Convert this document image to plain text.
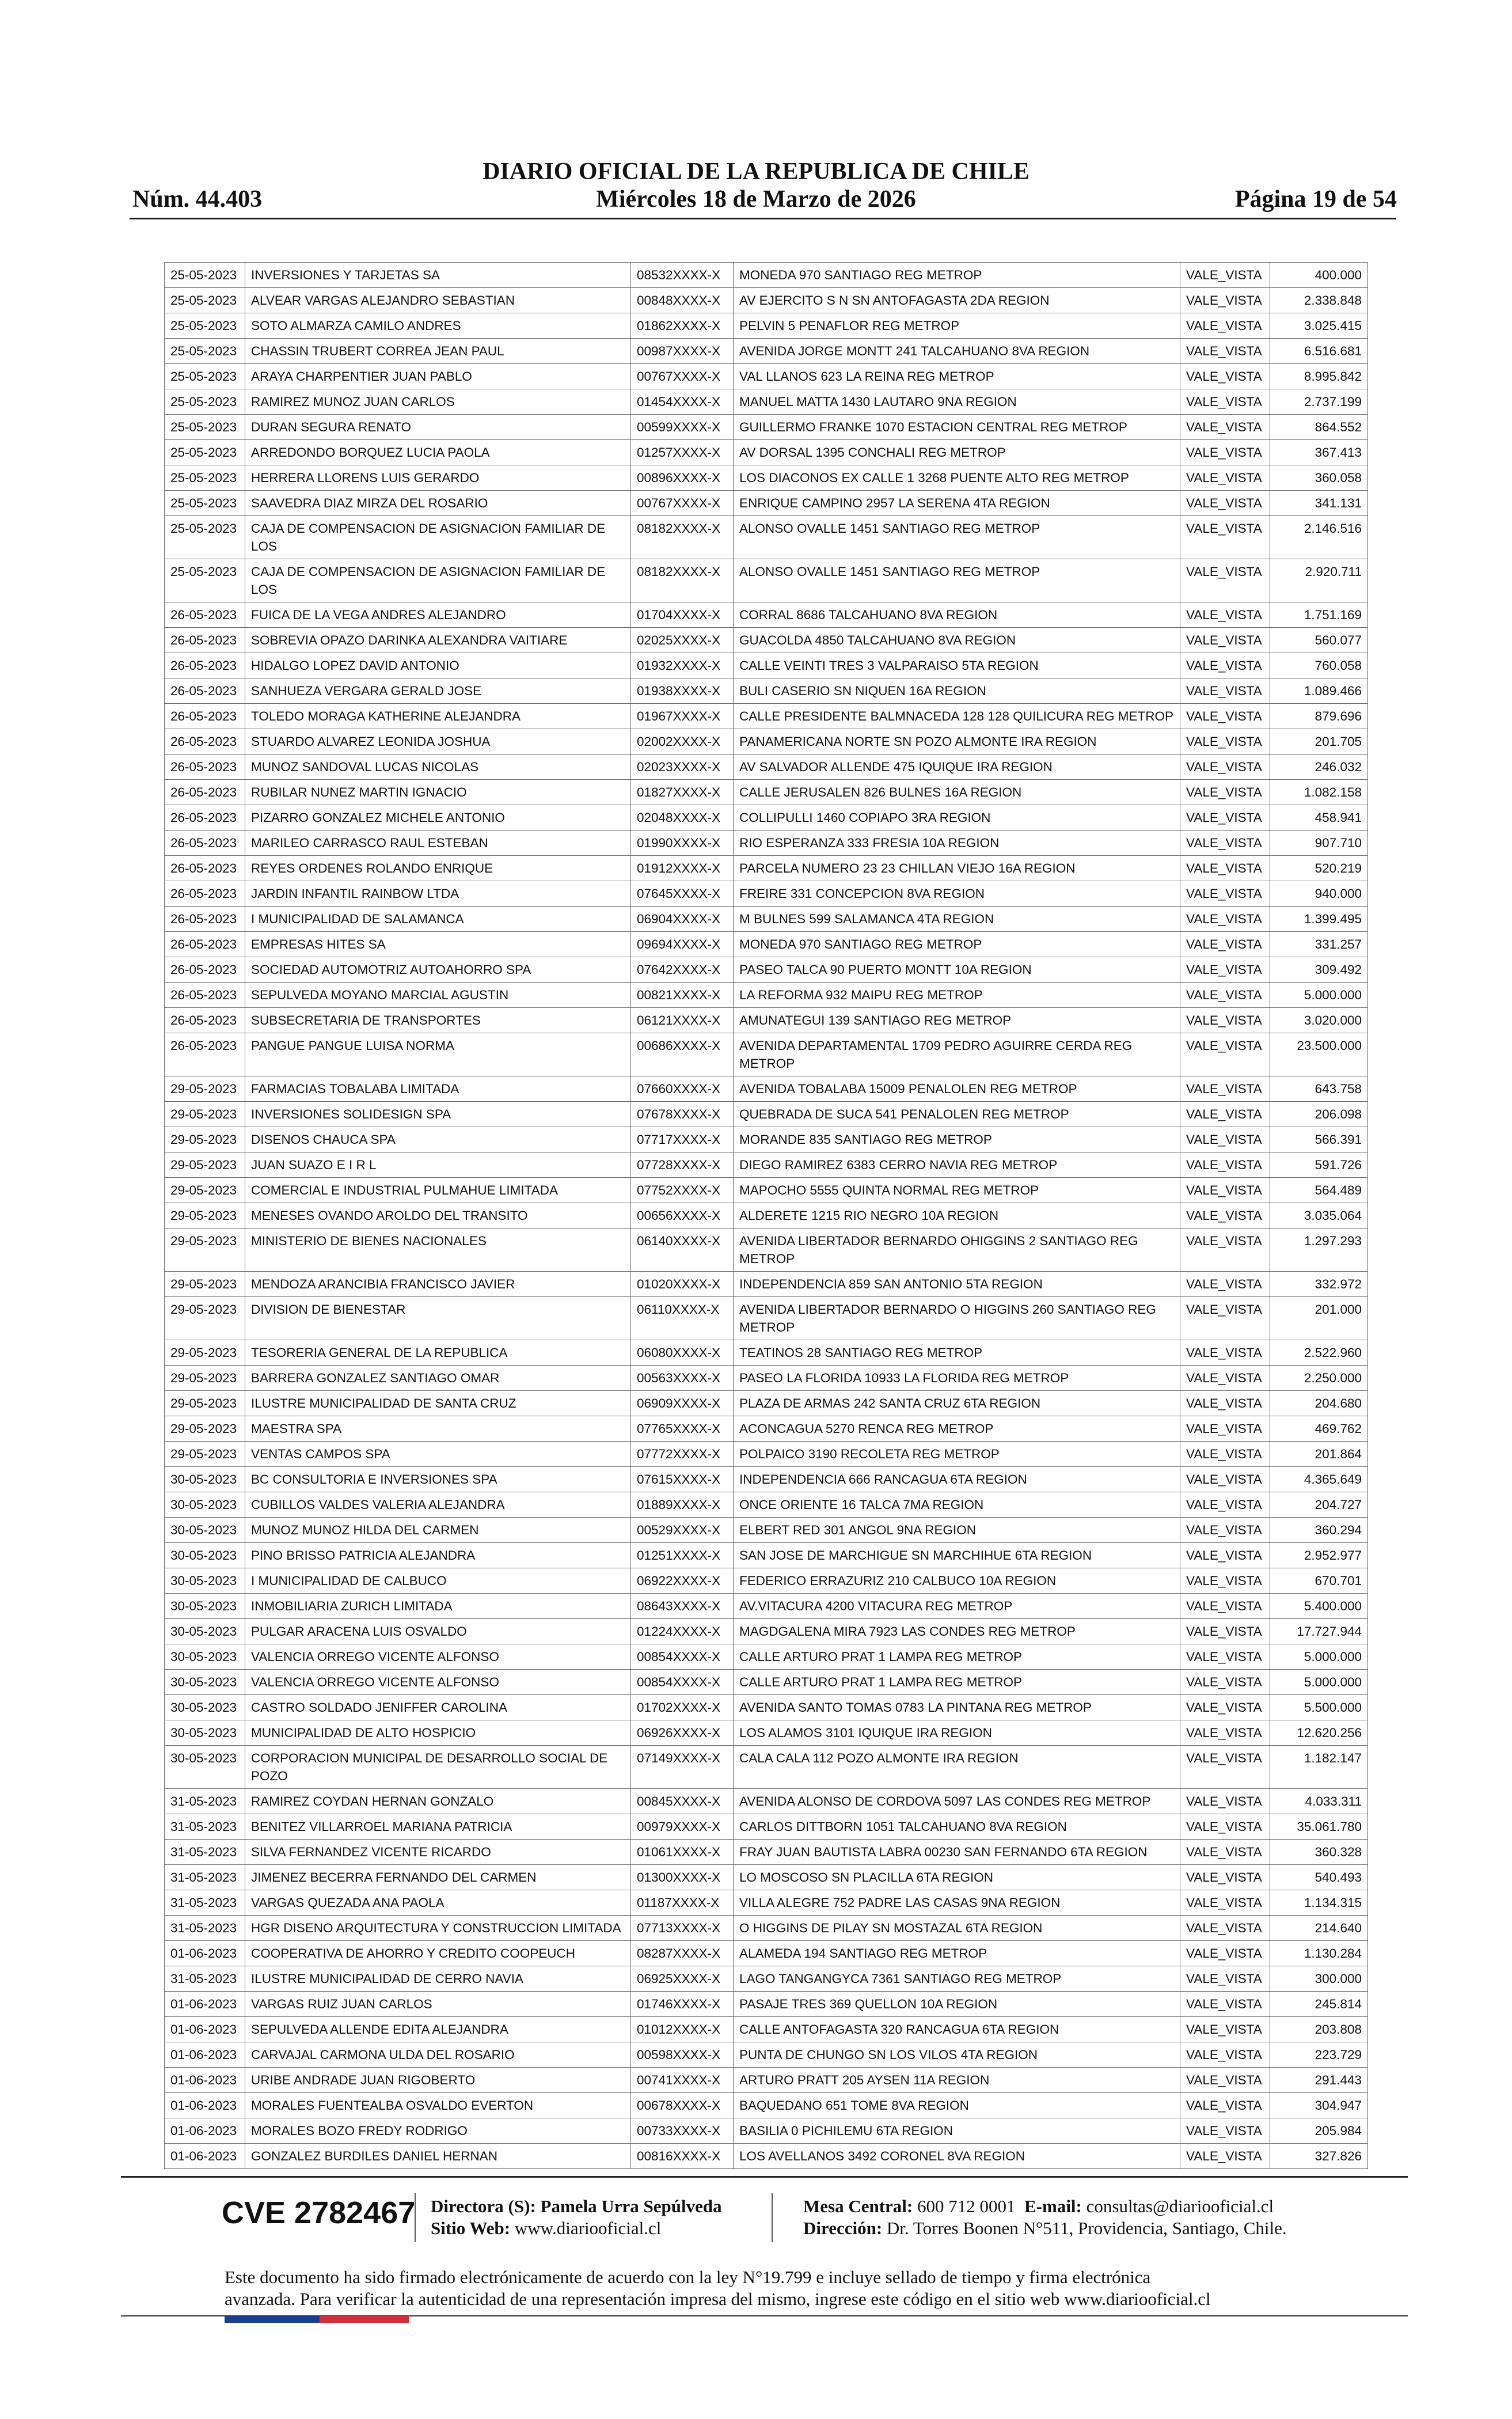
DIARIO OFICIAL DE LA REPUBLICA DE CHILE
Núm. 44.403	Miércoles 18 de Marzo de 2026	Página 19 de 54
25-05-2023	INVERSIONES Y TARJETAS SA	08532XXXX-X	MONEDA 970 SANTIAGO REG METROP	VALE_VISTA	400.000
25-05-2023	ALVEAR VARGAS ALEJANDRO SEBASTIAN	00848XXXX-X	AV EJERCITO S N SN ANTOFAGASTA 2DA REGION	VALE_VISTA	2.338.848
25-05-2023	SOTO ALMARZA CAMILO ANDRES	01862XXXX-X	PELVIN 5 PENAFLOR REG METROP	VALE_VISTA	3.025.415
25-05-2023	CHASSIN TRUBERT CORREA JEAN PAUL	00987XXXX-X	AVENIDA JORGE MONTT 241 TALCAHUANO 8VA REGION	VALE_VISTA	6.516.681
25-05-2023	ARAYA CHARPENTIER JUAN PABLO	00767XXXX-X	VAL LLANOS 623 LA REINA REG METROP	VALE_VISTA	8.995.842
25-05-2023	RAMIREZ MUNOZ JUAN CARLOS	01454XXXX-X	MANUEL MATTA 1430 LAUTARO 9NA REGION	VALE_VISTA	2.737.199
25-05-2023	DURAN SEGURA RENATO	00599XXXX-X	GUILLERMO FRANKE 1070 ESTACION CENTRAL REG METROP	VALE_VISTA	864.552
25-05-2023	ARREDONDO BORQUEZ LUCIA PAOLA	01257XXXX-X	AV DORSAL 1395 CONCHALI REG METROP	VALE_VISTA	367.413
25-05-2023	HERRERA LLORENS LUIS GERARDO	00896XXXX-X	LOS DIACONOS EX CALLE 1 3268 PUENTE ALTO REG METROP	VALE_VISTA	360.058
25-05-2023	SAAVEDRA DIAZ MIRZA DEL ROSARIO	00767XXXX-X	ENRIQUE CAMPINO 2957 LA SERENA 4TA REGION	VALE_VISTA	341.131
25-05-2023	CAJA DE COMPENSACION DE ASIGNACION FAMILIAR DE LOS	08182XXXX-X	ALONSO OVALLE 1451 SANTIAGO REG METROP	VALE_VISTA	2.146.516
25-05-2023	CAJA DE COMPENSACION DE ASIGNACION FAMILIAR DE LOS	08182XXXX-X	ALONSO OVALLE 1451 SANTIAGO REG METROP	VALE_VISTA	2.920.711
26-05-2023	FUICA DE LA VEGA ANDRES ALEJANDRO	01704XXXX-X	CORRAL 8686 TALCAHUANO 8VA REGION	VALE_VISTA	1.751.169
26-05-2023	SOBREVIA OPAZO DARINKA ALEXANDRA VAITIARE	02025XXXX-X	GUACOLDA 4850 TALCAHUANO 8VA REGION	VALE_VISTA	560.077
26-05-2023	HIDALGO LOPEZ DAVID ANTONIO	01932XXXX-X	CALLE VEINTI TRES 3 VALPARAISO 5TA REGION	VALE_VISTA	760.058
26-05-2023	SANHUEZA VERGARA GERALD JOSE	01938XXXX-X	BULI CASERIO SN NIQUEN 16A REGION	VALE_VISTA	1.089.466
26-05-2023	TOLEDO MORAGA KATHERINE ALEJANDRA	01967XXXX-X	CALLE PRESIDENTE BALMNACEDA 128 128 QUILICURA REG METROP	VALE_VISTA	879.696
26-05-2023	STUARDO ALVAREZ LEONIDA JOSHUA	02002XXXX-X	PANAMERICANA NORTE SN POZO ALMONTE IRA REGION	VALE_VISTA	201.705
26-05-2023	MUNOZ SANDOVAL LUCAS NICOLAS	02023XXXX-X	AV SALVADOR ALLENDE 475 IQUIQUE IRA REGION	VALE_VISTA	246.032
26-05-2023	RUBILAR NUNEZ MARTIN IGNACIO	01827XXXX-X	CALLE JERUSALEN 826 BULNES 16A REGION	VALE_VISTA	1.082.158
26-05-2023	PIZARRO GONZALEZ MICHELE ANTONIO	02048XXXX-X	COLLIPULLI 1460 COPIAPO 3RA REGION	VALE_VISTA	458.941
26-05-2023	MARILEO CARRASCO RAUL ESTEBAN	01990XXXX-X	RIO ESPERANZA 333 FRESIA 10A REGION	VALE_VISTA	907.710
26-05-2023	REYES ORDENES ROLANDO ENRIQUE	01912XXXX-X	PARCELA NUMERO 23 23 CHILLAN VIEJO 16A REGION	VALE_VISTA	520.219
26-05-2023	JARDIN INFANTIL RAINBOW LTDA	07645XXXX-X	FREIRE 331 CONCEPCION 8VA REGION	VALE_VISTA	940.000
26-05-2023	I MUNICIPALIDAD DE SALAMANCA	06904XXXX-X	M BULNES 599 SALAMANCA 4TA REGION	VALE_VISTA	1.399.495
26-05-2023	EMPRESAS HITES SA	09694XXXX-X	MONEDA 970 SANTIAGO REG METROP	VALE_VISTA	331.257
26-05-2023	SOCIEDAD AUTOMOTRIZ AUTOAHORRO SPA	07642XXXX-X	PASEO TALCA 90 PUERTO MONTT 10A REGION	VALE_VISTA	309.492
26-05-2023	SEPULVEDA MOYANO MARCIAL AGUSTIN	00821XXXX-X	LA REFORMA 932 MAIPU REG METROP	VALE_VISTA	5.000.000
26-05-2023	SUBSECRETARIA DE TRANSPORTES	06121XXXX-X	AMUNATEGUI 139 SANTIAGO REG METROP	VALE_VISTA	3.020.000
26-05-2023	PANGUE PANGUE LUISA NORMA	00686XXXX-X	AVENIDA DEPARTAMENTAL 1709 PEDRO AGUIRRE CERDA REG METROP	VALE_VISTA	23.500.000
29-05-2023	FARMACIAS TOBALABA LIMITADA	07660XXXX-X	AVENIDA TOBALABA 15009 PENALOLEN REG METROP	VALE_VISTA	643.758
29-05-2023	INVERSIONES SOLIDESIGN SPA	07678XXXX-X	QUEBRADA DE SUCA 541 PENALOLEN REG METROP	VALE_VISTA	206.098
29-05-2023	DISENOS CHAUCA SPA	07717XXXX-X	MORANDE 835 SANTIAGO REG METROP	VALE_VISTA	566.391
29-05-2023	JUAN SUAZO E I R L	07728XXXX-X	DIEGO RAMIREZ 6383 CERRO NAVIA REG METROP	VALE_VISTA	591.726
29-05-2023	COMERCIAL E INDUSTRIAL PULMAHUE LIMITADA	07752XXXX-X	MAPOCHO 5555 QUINTA NORMAL REG METROP	VALE_VISTA	564.489
29-05-2023	MENESES OVANDO AROLDO DEL TRANSITO	00656XXXX-X	ALDERETE 1215 RIO NEGRO 10A REGION	VALE_VISTA	3.035.064
29-05-2023	MINISTERIO DE BIENES NACIONALES	06140XXXX-X	AVENIDA LIBERTADOR BERNARDO OHIGGINS 2 SANTIAGO REG METROP	VALE_VISTA	1.297.293
29-05-2023	MENDOZA ARANCIBIA FRANCISCO JAVIER	01020XXXX-X	INDEPENDENCIA 859 SAN ANTONIO 5TA REGION	VALE_VISTA	332.972
29-05-2023	DIVISION DE BIENESTAR	06110XXXX-X	AVENIDA LIBERTADOR BERNARDO O HIGGINS 260 SANTIAGO REG METROP	VALE_VISTA	201.000
29-05-2023	TESORERIA GENERAL DE LA REPUBLICA	06080XXXX-X	TEATINOS 28 SANTIAGO REG METROP	VALE_VISTA	2.522.960
29-05-2023	BARRERA GONZALEZ SANTIAGO OMAR	00563XXXX-X	PASEO LA FLORIDA 10933 LA FLORIDA REG METROP	VALE_VISTA	2.250.000
29-05-2023	ILUSTRE MUNICIPALIDAD DE SANTA CRUZ	06909XXXX-X	PLAZA DE ARMAS 242 SANTA CRUZ 6TA REGION	VALE_VISTA	204.680
29-05-2023	MAESTRA SPA	07765XXXX-X	ACONCAGUA 5270 RENCA REG METROP	VALE_VISTA	469.762
29-05-2023	VENTAS CAMPOS SPA	07772XXXX-X	POLPAICO 3190 RECOLETA REG METROP	VALE_VISTA	201.864
30-05-2023	BC CONSULTORIA E INVERSIONES SPA	07615XXXX-X	INDEPENDENCIA 666 RANCAGUA 6TA REGION	VALE_VISTA	4.365.649
30-05-2023	CUBILLOS VALDES VALERIA ALEJANDRA	01889XXXX-X	ONCE ORIENTE 16 TALCA 7MA REGION	VALE_VISTA	204.727
30-05-2023	MUNOZ MUNOZ HILDA DEL CARMEN	00529XXXX-X	ELBERT RED 301 ANGOL 9NA REGION	VALE_VISTA	360.294
30-05-2023	PINO BRISSO PATRICIA ALEJANDRA	01251XXXX-X	SAN JOSE DE MARCHIGUE SN MARCHIHUE 6TA REGION	VALE_VISTA	2.952.977
30-05-2023	I MUNICIPALIDAD DE CALBUCO	06922XXXX-X	FEDERICO ERRAZURIZ 210 CALBUCO 10A REGION	VALE_VISTA	670.701
30-05-2023	INMOBILIARIA ZURICH LIMITADA	08643XXXX-X	AV.VITACURA 4200 VITACURA REG METROP	VALE_VISTA	5.400.000
30-05-2023	PULGAR ARACENA LUIS OSVALDO	01224XXXX-X	MAGDGALENA MIRA 7923 LAS CONDES REG METROP	VALE_VISTA	17.727.944
30-05-2023	VALENCIA ORREGO VICENTE ALFONSO	00854XXXX-X	CALLE ARTURO PRAT 1 LAMPA REG METROP	VALE_VISTA	5.000.000
30-05-2023	VALENCIA ORREGO VICENTE ALFONSO	00854XXXX-X	CALLE ARTURO PRAT 1 LAMPA REG METROP	VALE_VISTA	5.000.000
30-05-2023	CASTRO SOLDADO JENIFFER CAROLINA	01702XXXX-X	AVENIDA SANTO TOMAS 0783 LA PINTANA REG METROP	VALE_VISTA	5.500.000
30-05-2023	MUNICIPALIDAD DE ALTO HOSPICIO	06926XXXX-X	LOS ALAMOS 3101 IQUIQUE IRA REGION	VALE_VISTA	12.620.256
30-05-2023	CORPORACION MUNICIPAL DE DESARROLLO SOCIAL DE POZO	07149XXXX-X	CALA CALA 112 POZO ALMONTE IRA REGION	VALE_VISTA	1.182.147
31-05-2023	RAMIREZ COYDAN HERNAN GONZALO	00845XXXX-X	AVENIDA ALONSO DE CORDOVA 5097 LAS CONDES REG METROP	VALE_VISTA	4.033.311
31-05-2023	BENITEZ VILLARROEL MARIANA PATRICIA	00979XXXX-X	CARLOS DITTBORN 1051 TALCAHUANO 8VA REGION	VALE_VISTA	35.061.780
31-05-2023	SILVA FERNANDEZ VICENTE RICARDO	01061XXXX-X	FRAY JUAN BAUTISTA LABRA 00230 SAN FERNANDO 6TA REGION	VALE_VISTA	360.328
31-05-2023	JIMENEZ BECERRA FERNANDO DEL CARMEN	01300XXXX-X	LO MOSCOSO SN PLACILLA 6TA REGION	VALE_VISTA	540.493
31-05-2023	VARGAS QUEZADA ANA PAOLA	01187XXXX-X	VILLA ALEGRE 752 PADRE LAS CASAS 9NA REGION	VALE_VISTA	1.134.315
31-05-2023	HGR DISENO ARQUITECTURA Y CONSTRUCCION LIMITADA	07713XXXX-X	O HIGGINS DE PILAY SN MOSTAZAL 6TA REGION	VALE_VISTA	214.640
01-06-2023	COOPERATIVA DE AHORRO Y CREDITO COOPEUCH	08287XXXX-X	ALAMEDA 194 SANTIAGO REG METROP	VALE_VISTA	1.130.284
31-05-2023	ILUSTRE MUNICIPALIDAD DE CERRO NAVIA	06925XXXX-X	LAGO TANGANGYCA 7361 SANTIAGO REG METROP	VALE_VISTA	300.000
01-06-2023	VARGAS RUIZ JUAN CARLOS	01746XXXX-X	PASAJE TRES 369 QUELLON 10A REGION	VALE_VISTA	245.814
01-06-2023	SEPULVEDA ALLENDE EDITA ALEJANDRA	01012XXXX-X	CALLE ANTOFAGASTA 320 RANCAGUA 6TA REGION	VALE_VISTA	203.808
01-06-2023	CARVAJAL CARMONA ULDA DEL ROSARIO	00598XXXX-X	PUNTA DE CHUNGO SN LOS VILOS 4TA REGION	VALE_VISTA	223.729
01-06-2023	URIBE ANDRADE JUAN RIGOBERTO	00741XXXX-X	ARTURO PRATT 205 AYSEN 11A REGION	VALE_VISTA	291.443
01-06-2023	MORALES FUENTEALBA OSVALDO EVERTON	00678XXXX-X	BAQUEDANO 651 TOME 8VA REGION	VALE_VISTA	304.947
01-06-2023	MORALES BOZO FREDY RODRIGO	00733XXXX-X	BASILIA 0 PICHILEMU 6TA REGION	VALE_VISTA	205.984
01-06-2023	GONZALEZ BURDILES DANIEL HERNAN	00816XXXX-X	LOS AVELLANOS 3492 CORONEL 8VA REGION	VALE_VISTA	327.826
CVE 2782467 Directora (S): Pamela Urra Sepúlveda
Sitio Web: www.diariooficial.cl
Mesa Central: 600 712 0001 E-mail: consultas@diariooficial.cl
Dirección: Dr. Torres Boonen N°511, Providencia, Santiago, Chile.
Este documento ha sido firmado electrónicamente de acuerdo con la ley N°19.799 e incluye sellado de tiempo y firma electrónica
avanzada. Para verificar la autenticidad de una representación impresa del mismo, ingrese este código en el sitio web www.diariooficial.cl
